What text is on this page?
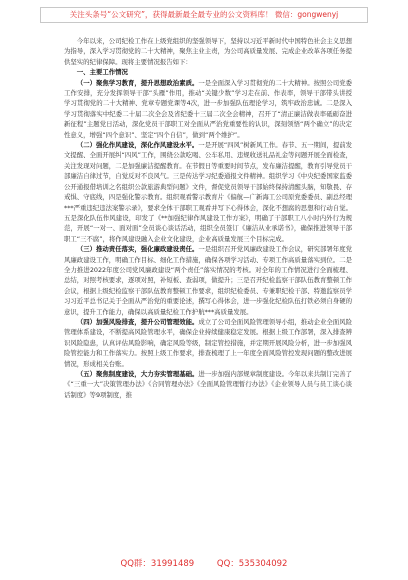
关注头条号“公文研究”，获得最新最全最专业的公文资料库！ 微信：gongwenyj

今年以来，公司纪检工作在上级党组织的坚强领导下，坚持以习近平新时代中国特色社会主义思想为指导，深入学习贯彻党的二十大精神，聚焦主业主责，为公司高质量发展、完成企业改革各项任务提供坚实的纪律保障。现将主要情况报告如下：

一、主要工作情况

（一）聚焦学习教育，提升思想政治素质。一是全面深入学习贯彻党的二十大精神。按照公司党委工作安排，充分发挥领导干部“头雁”作用，推动“关键少数”学习走在前、作表率，领导干部带头讲授学习贯彻党的二十大精神、党章专题党课等4次，进一步加强队伍理论学习，筑牢政治忠诚。二是深入学习贯彻落实中纪委二十届二次全会及省纪委十三届二次全会精神，召开了“清正廉洁做表率砥砺奋进新征程”主题党日活动，深化党员干部职工对全面从严治党重要性的认识，深刻领悟“两个确立”的决定性意义，增强“四个意识”、坚定“四个自信”，做到“两个维护”。

（二）强化作风建设，深化作风建设水平。一是开展“四风”树新风工作。春节、五一期间，提前发文提醒、全面开展纠“四风”工作，围绕公款吃喝、公车私用、违规收送礼品礼金等问题开展全面检查，关注发现对问题，二是加强廉洁提醒教育。在节假日等重要时间节点，发布廉洁提醒，教育引导党员干部廉洁自律过节，自觉反对不良风气。三是传达学习纪委通报文件精神。组织学习《中央纪委国家监委公开通报借培训之名组织公款旅游典型问题》文件，督促党员领导干部始终保持清醒头脑，知敬畏、存戒惧、守底线，四是强化警示教育。组织观看警示教育片《偏航—广新海工公司原党委委员、副总经理***严重违纪违法案警示录》，要求全体干部职工观看并写下心得体会，深化不想腐的思想和行动自觉。五是深化队伍作风建设，印发了《**加强纪律作风建设工作方案》，明确了干部职工八小时内外行为规范，开展“一对一、面对面”全员谈心谈话活动，组织全员签订《廉洁从业承诺书》，确保推进领导干部职工“三不腐”，将作风建设融入企业文化建设，企业高质量发展三个目标完成。

（三）推动责任落实，强化廉政建设责任。一是组织召开党风廉政建设工作会议，研究部署年度党风廉政建设工作，明确工作目标、细化工作措施，确保各项学习活动、专项工作高质量落实到位。二是全力推进2022年度公司党风廉政建设“两个责任”落实情况的考核。对全年的工作情况进行全面梳理、总结，对照考核要求，逐项对照，补短板、查弱项，做提升；三是召开纪检监察干部队伍教育整顿工作会议，根据上级纪检监察干部队伍教育整顿工作要求，组织纪检委员、专兼职纪检干部、特邀监察员学习习近平总书记关于全面从严治党的重要论述，撰写心得体会，进一步强化纪检队伍打铁必须自身硬的意识，提升工作能力，确保以高质量纪检工作护航***高质量发展。

（四）加强风险排查，提升公司管理效能。成立了公司全面风险管理领导小组，推动企业全面风险管理体系建设，不断提高风险管理水平，确保企业持续健康稳定发展。根据上级工作部署，深入排查辨识风险隐患，认真评估风险影响，确定风险等级，制定管控措施，并定期开展风险分析，进一步加强风险管控能力和工作落实力。按照上级工作要求，排查梳理了上一年度全面风险管控发现问题的整改进展情况，形成相关台账。

（五）聚焦制度建设，大力夯实管理基础。进一步加强内部规章制度建设。今年以来共制订完善了《“三重一大”决策管理办法》《合同管理办法》《全面风险管理暂行办法》《企业领导人员与员工谈心谈话制度》等9项制度，推

QQ群：31991489	QQ：535304092
